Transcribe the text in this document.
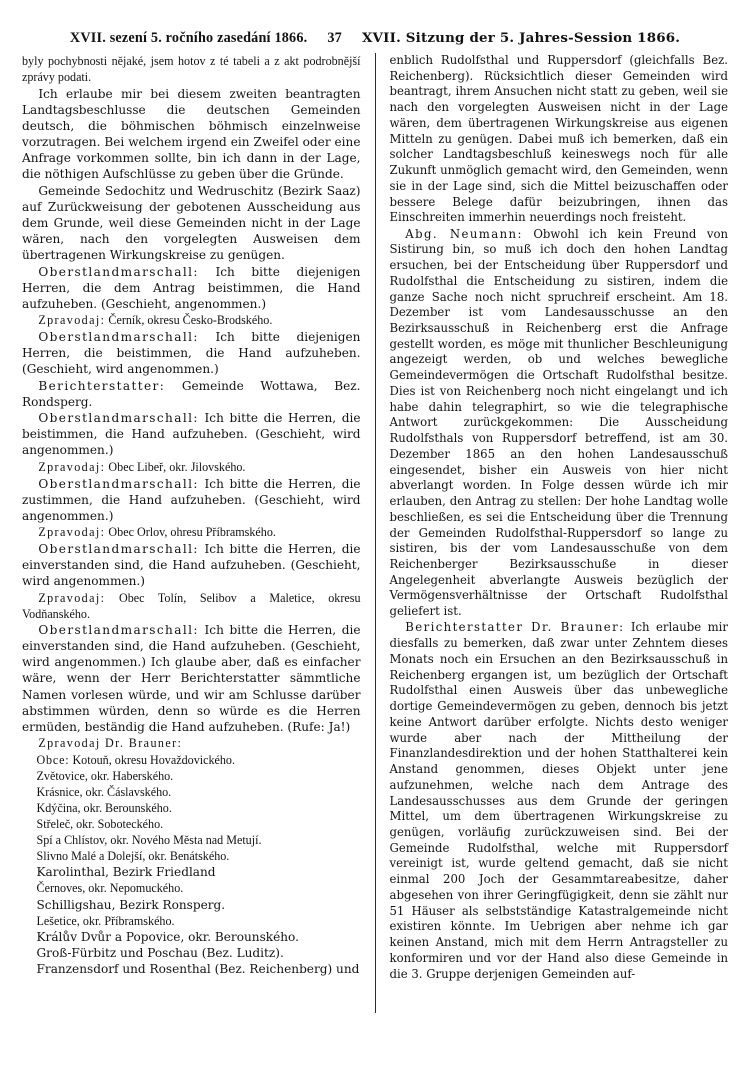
XVII. sezení 5. ročního zasedání 1866. 37 XVII. Sitzung der 5. Jahres-Session 1866.

byly pochybnosti nějaké, jsem hotov z té tabeli a z akt podrobnější zprávy podati.

Ich erlaube mir bei diesem zweiten beantragten Landtagsbeschlusse die deutschen Gemeinden deutsch, die böhmischen böhmisch einzelnweise vorzutragen. Bei welchem irgend ein Zweifel oder eine Anfrage vorkommen sollte, bin ich dann in der Lage, die nöthigen Aufschlüsse zu geben über die Gründe.

Gemeinde Sedochitz und Wedruschitz (Bezirk Saaz) auf Zurückweisung der gebotenen Ausscheidung aus dem Grunde, weil diese Gemeinden nicht in der Lage wären, nach den vorgelegten Ausweisen dem übertragenen Wirkungskreise zu genügen.

Oberstlandmarschall: Ich bitte diejenigen Herren, die dem Antrag beistimmen, die Hand aufzuheben. (Geschieht, angenommen.)

Zpravodaj: Černík, okresu Česko-Brodského.

Oberstlandmarschall: Ich bitte diejenigen Herren, die beistimmen, die Hand aufzuheben. (Geschieht, wird angenommen.)

Berichterstatter: Gemeinde Wottawa, Bez. Rondsperg.

Oberstlandmarschall: Ich bitte die Herren, die beistimmen, die Hand aufzuheben. (Geschieht, wird angenommen.)

Zpravodaj: Obec Libeř, okr. Jilovského.

Oberstlandmarschall: Ich bitte die Herren, die zustimmen, die Hand aufzuheben. (Geschieht, wird angenommen.)

Zpravodaj: Obec Orlov, ohresu Příbramského.

Oberstlandmarschall: Ich bitte die Herren, die einverstanden sind, die Hand aufzuheben. (Geschieht, wird angenommen.)

Zpravodaj: Obec Tolín, Selibov a Maletice, okresu Vodňanského.

Oberstlandmarschall: Ich bitte die Herren, die einverstanden sind, die Hand aufzuheben. (Geschieht, wird angenommen.) Ich glaube aber, daß es einfacher wäre, wenn der Herr Berichterstatter sämmtliche Namen vorlesen würde, und wir am Schlusse darüber abstimmen würden, denn so würde es die Herren ermüden, beständig die Hand aufzuheben. (Rufe: Ja!)

Zpravodaj Dr. Brauner:

Obce: Kotouň, okresu Hovaždovického.

Zvětovice, okr. Haberského.

Krásnice, okr. Čáslavského.

Kdýčina, okr. Berounského.

Střeleč, okr. Soboteckého.

Spí a Chlístov, okr. Nového Města nad Metují.

Slivno Malé a Dolejší, okr. Benátského.

Karolinthal, Bezirk Friedland

Černoves, okr. Nepomuckého.

Schilligshau, Bezirk Ronsperg.

Lešetice, okr. Příbramského.

Králův Dvůr a Popovice, okr. Berounského.

Groß-Fürbitz und Poschau (Bez. Luditz).

Franzensdorf und Rosenthal (Bez. Reichenberg) und

enblich Rudolfsthal und Ruppersdorf (gleichfalls Bez. Reichenberg). Rücksichtlich dieser Gemeinden wird beantragt, ihrem Ansuchen nicht statt zu geben, weil sie nach den vorgelegten Ausweisen nicht in der Lage wären, dem übertragenen Wirkungskreise aus eigenen Mitteln zu genügen. Dabei muß ich bemerken, daß ein solcher Landtagsbeschluß keineswegs noch für alle Zukunft unmöglich gemacht wird, den Gemeinden, wenn sie in der Lage sind, sich die Mittel beizuschaffen oder bessere Belege dafür beizubringen, ihnen das Einschreiten immerhin neuerdings noch freisteht.

Abg. Neumann: Obwohl ich kein Freund von Sistirung bin, so muß ich doch den hohen Landtag ersuchen, bei der Entscheidung über Ruppersdorf und Rudolfsthal die Entscheidung zu sistiren, indem die ganze Sache noch nicht spruchreif erscheint. Am 18. Dezember ist vom Landesausschusse an den Bezirksausschuß in Reichenberg erst die Anfrage gestellt worden, es möge mit thunlicher Beschleunigung angezeigt werden, ob und welches bewegliche Gemeindevermögen die Ortschaft Rudolfsthal besitze. Dies ist von Reichenberg noch nicht eingelangt und ich habe dahin telegraphirt, so wie die telegraphische Antwort zurückgekommen: Die Ausscheidung Rudolfsthals von Ruppersdorf betreffend, ist am 30. Dezember 1865 an den hohen Landesausschuß eingesendet, bisher ein Ausweis von hier nicht abverlangt worden. In Folge dessen würde ich mir erlauben, den Antrag zu stellen: Der hohe Landtag wolle beschließen, es sei die Entscheidung über die Trennung der Gemeinden Rudolfsthal-Ruppersdorf so lange zu sistiren, bis der vom Landesausschuße von dem Reichenberger Bezirksausschuße in dieser Angelegenheit abverlangte Ausweis bezüglich der Vermögensverhältnisse der Ortschaft Rudolfsthal geliefert ist.

Berichterstatter Dr. Brauner: Ich erlaube mir diesfalls zu bemerken, daß zwar unter Zehntem dieses Monats noch ein Ersuchen an den Bezirksausschuß in Reichenberg ergangen ist, um bezüglich der Ortschaft Rudolfsthal einen Ausweis über das unbewegliche dortige Gemeindevermögen zu geben, dennoch bis jetzt keine Antwort darüber erfolgte. Nichts desto weniger wurde aber nach der Mittheilung der Finanzlandesdirektion und der hohen Statthalterei kein Anstand genommen, dieses Objekt unter jene aufzunehmen, welche nach dem Antrage des Landesausschusses aus dem Grunde der geringen Mittel, um dem übertragenen Wirkungskreise zu genügen, vorläufig zurückzuweisen sind. Bei der Gemeinde Rudolfsthal, welche mit Ruppersdorf vereinigt ist, wurde geltend gemacht, daß sie nicht einmal 200 Joch der Gesammtareabesitze, daher abgesehen von ihrer Geringfügigkeit, denn sie zählt nur 51 Häuser als selbstständige Katastralgemeinde nicht existiren könnte. Im Uebrigen aber nehme ich gar keinen Anstand, mich mit dem Herrn Antragsteller zu konformiren und vor der Hand also diese Gemeinde in die 3. Gruppe derjenigen Gemeinden auf-
